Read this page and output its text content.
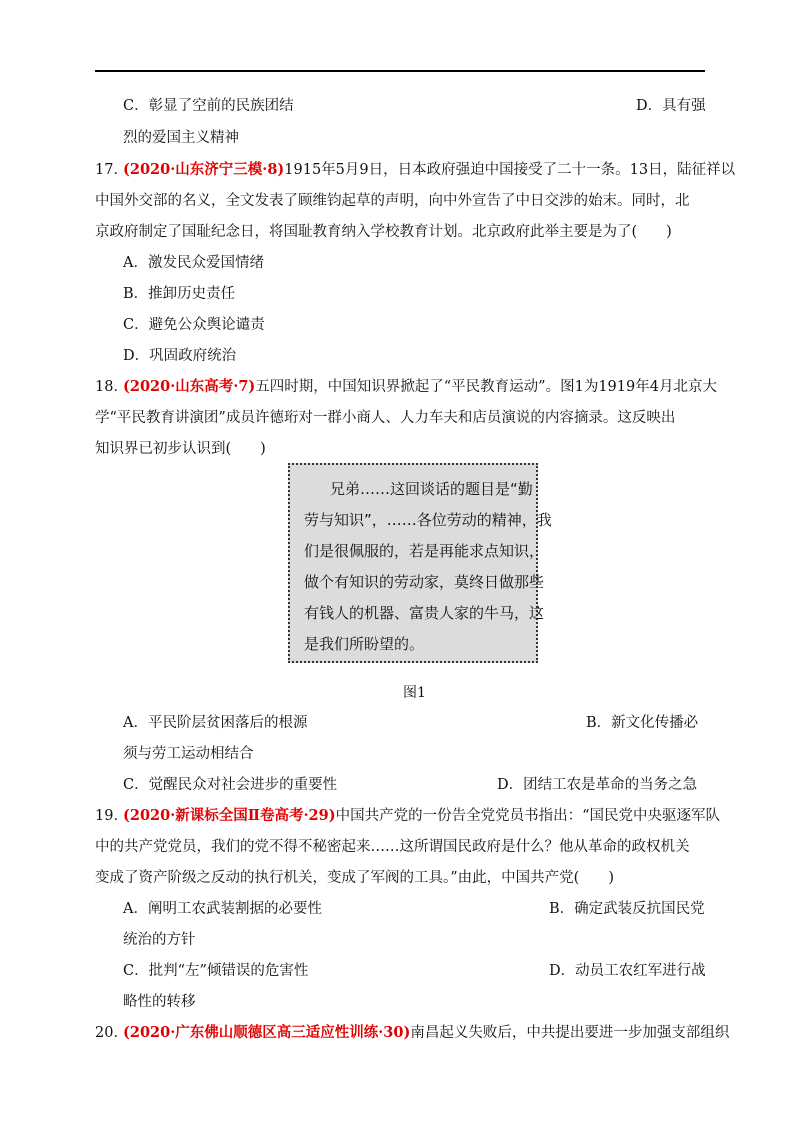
C．彰显了空前的民族团结	D．具有强
烈的爱国主义精神
17．
(2020·山东济宁三模·8)1915年5月9日，日本政府强迫中国接受了二十一条。13日，陆征祥以
中国外交部的名义，全文发表了顾维钧起草的声明，向中外宣告了中日交涉的始末。同时，北
京政府制定了国耻纪念日，将国耻教育纳入学校教育计划。北京政府此举主要是为了(　　)
A．激发民众爱国情绪
B．推卸历史责任
C．避免公众舆论谴责
D．巩固政府统治
18．
(2020·山东高考·7)五四时期，中国知识界掀起了“平民教育运动”。图1为1919年4月北京大
学“平民教育讲演团”成员许德珩对一群小商人、人力车夫和店员演说的内容摘录。这反映出
知识界已初步认识到(　　)
兄弟……这回谈话的题目是“勤
劳与知识”，……各位劳动的精神，我
们是很佩服的，若是再能求点知识，
做个有知识的劳动家，莫终日做那些
有钱人的机器、富贵人家的牛马，这
是我们所盼望的。
图1
A．平民阶层贫困落后的根源	B．新文化传播必
须与劳工运动相结合
C．觉醒民众对社会进步的重要性	D．团结工农是革命的当务之急
19．
(2020·新课标全国Ⅱ卷高考·29)中国共产党的一份告全党党员书指出：“国民党中央驱逐军队
中的共产党党员，我们的党不得不秘密起来……这所谓国民政府是什么？他从革命的政权机关
变成了资产阶级之反动的执行机关，变成了军阀的工具。”由此，中国共产党(　　)
A．阐明工农武装割据的必要性	B．确定武装反抗国民党
统治的方针
C．批判“左”倾错误的危害性	D．动员工农红军进行战
略性的转移
20．
(2020·广东佛山顺德区高三适应性训练·30)南昌起义失败后，中共提出要进一步加强支部组织
